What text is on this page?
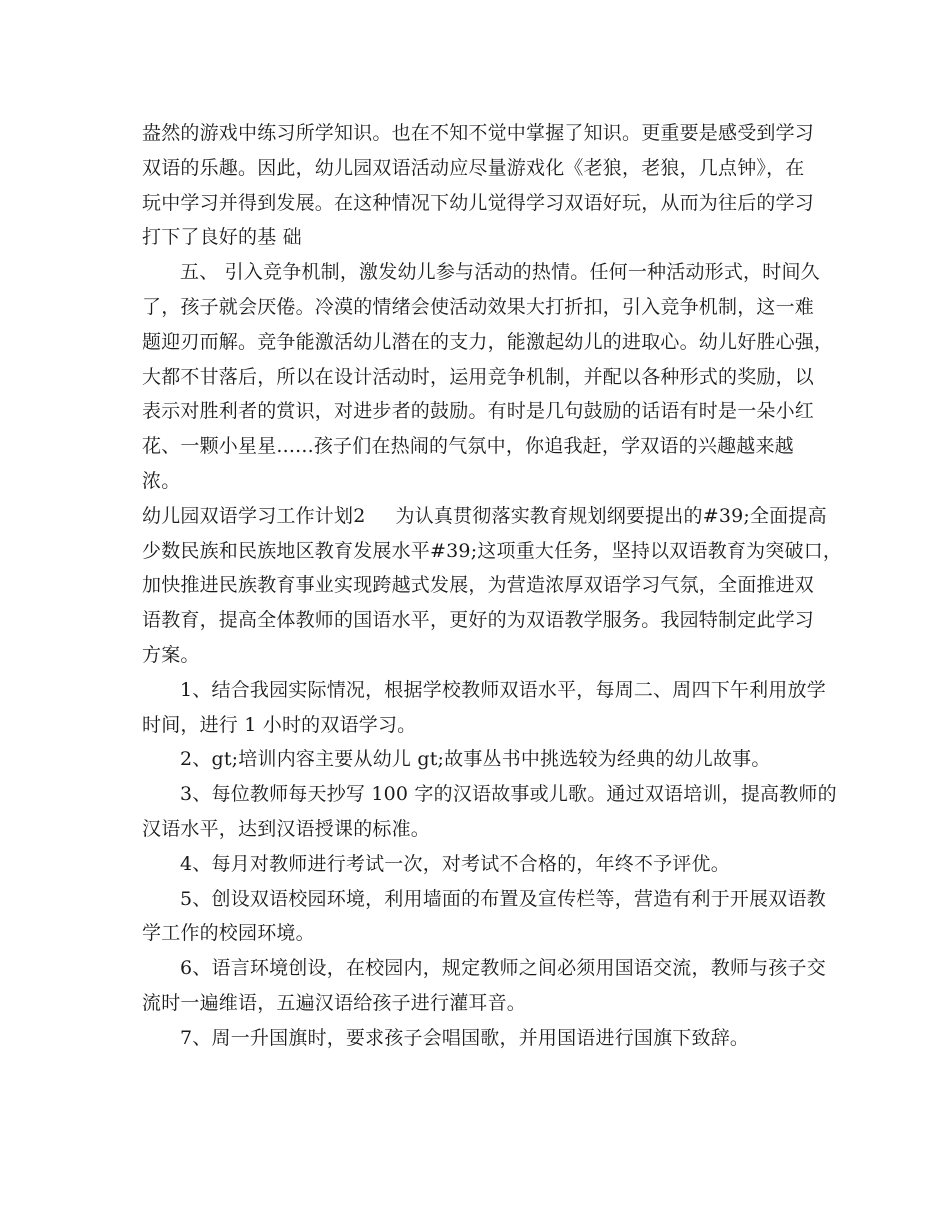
盎然的游戏中练习所学知识。也在不知不觉中掌握了知识。更重要是感受到学习
双语的乐趣。因此，幼儿园双语活动应尽量游戏化《老狼，老狼，几点钟》，在
玩中学习并得到发展。在这种情况下幼儿觉得学习双语好玩，从而为往后的学习
打下了良好的基 础

五、 引入竞争机制，激发幼儿参与活动的热情。任何一种活动形式，时间久
了，孩子就会厌倦。冷漠的情绪会使活动效果大打折扣，引入竞争机制，这一难
题迎刃而解。竞争能激活幼儿潜在的支力，能激起幼儿的进取心。幼儿好胜心强，
大都不甘落后，所以在设计活动时，运用竞争机制，并配以各种形式的奖励，以
表示对胜利者的赏识，对进步者的鼓励。有时是几句鼓励的话语有时是一朵小红
花、一颗小星星......孩子们在热闹的气氛中，你追我赶，学双语的兴趣越来越
浓。

幼儿园双语学习工作计划2 为认真贯彻落实教育规划纲要提出的#39;全面提高
少数民族和民族地区教育发展水平#39;这项重大任务，坚持以双语教育为突破口，
加快推进民族教育事业实现跨越式发展，为营造浓厚双语学习气氛，全面推进双
语教育，提高全体教师的国语水平，更好的为双语教学服务。我园特制定此学习
方案。

1、结合我园实际情况，根据学校教师双语水平，每周二、周四下午利用放学
时间，进行 1 小时的双语学习。

2、gt;培训内容主要从幼儿 gt;故事丛书中挑选较为经典的幼儿故事。

3、每位教师每天抄写 100 字的汉语故事或儿歌。通过双语培训，提高教师的
汉语水平，达到汉语授课的标准。

4、每月对教师进行考试一次，对考试不合格的，年终不予评优。

5、创设双语校园环境，利用墙面的布置及宣传栏等，营造有利于开展双语教
学工作的校园环境。

6、语言环境创设，在校园内，规定教师之间必须用国语交流，教师与孩子交
流时一遍维语，五遍汉语给孩子进行灌耳音。

7、周一升国旗时，要求孩子会唱国歌，并用国语进行国旗下致辞。
